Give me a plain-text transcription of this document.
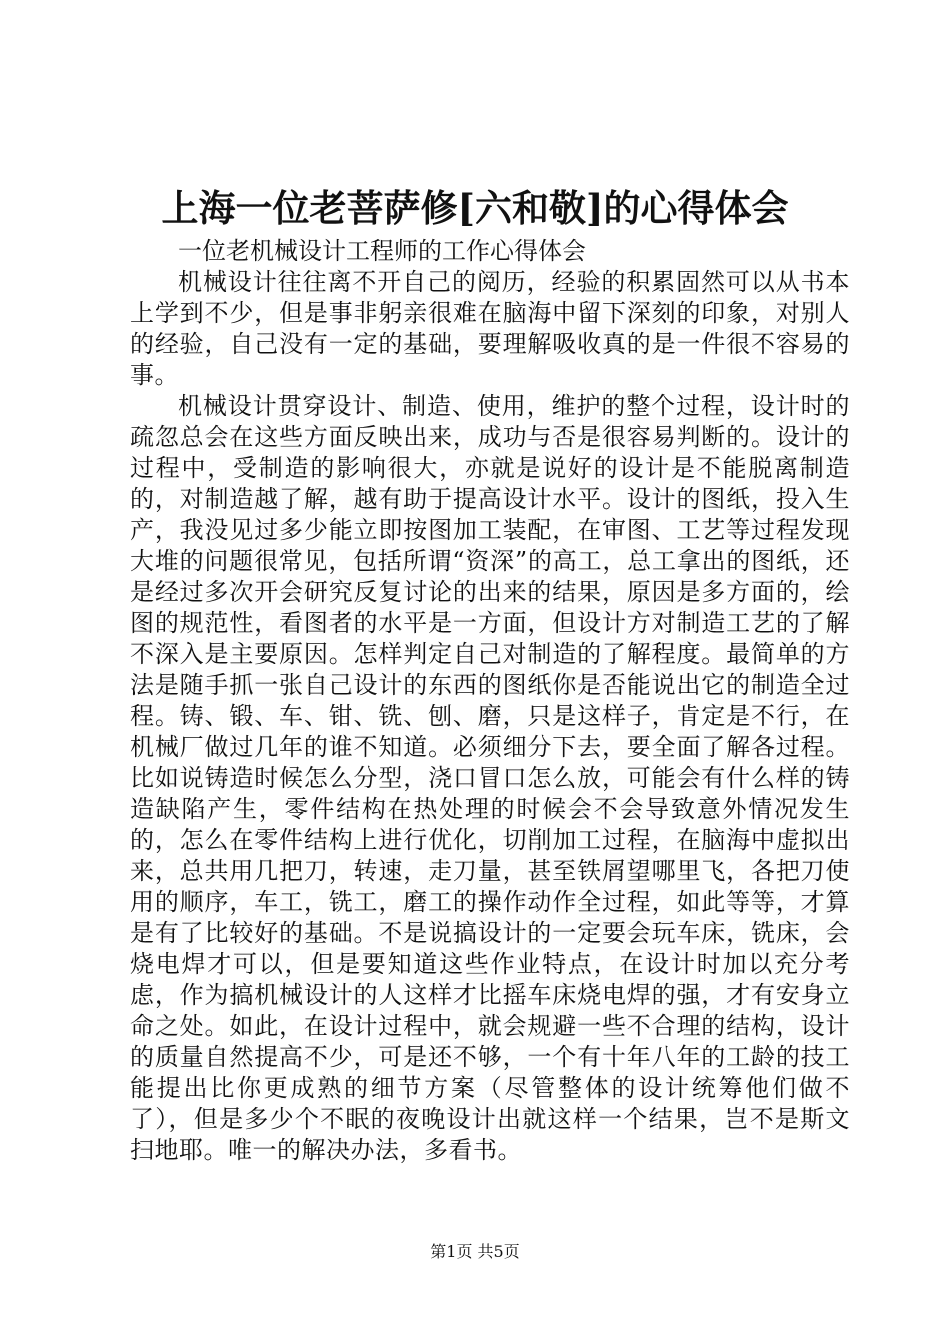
上海一位老菩萨修[六和敬]的心得体会

一位老机械设计工程师的工作心得体会

机械设计往往离不开自己的阅历，经验的积累固然可以从书本上学到不少，但是事非躬亲很难在脑海中留下深刻的印象，对别人的经验，自己没有一定的基础，要理解吸收真的是一件很不容易的事。

机械设计贯穿设计、制造、使用，维护的整个过程，设计时的疏忽总会在这些方面反映出来，成功与否是很容易判断的。设计的过程中，受制造的影响很大，亦就是说好的设计是不能脱离制造的，对制造越了解，越有助于提高设计水平。设计的图纸，投入生产，我没见过多少能立即按图加工装配，在审图、工艺等过程发现大堆的问题很常见，包括所谓“资深”的高工，总工拿出的图纸，还是经过多次开会研究反复讨论的出来的结果，原因是多方面的，绘图的规范性，看图者的水平是一方面，但设计方对制造工艺的了解不深入是主要原因。怎样判定自己对制造的了解程度。最简单的方法是随手抓一张自己设计的东西的图纸你是否能说出它的制造全过程。铸、锻、车、钳、铣、刨、磨，只是这样子，肯定是不行，在机械厂做过几年的谁不知道。必须细分下去，要全面了解各过程。比如说铸造时候怎么分型，浇口冒口怎么放，可能会有什么样的铸造缺陷产生，零件结构在热处理的时候会不会导致意外情况发生的，怎么在零件结构上进行优化，切削加工过程，在脑海中虚拟出来，总共用几把刀，转速，走刀量，甚至铁屑望哪里飞，各把刀使用的顺序，车工，铣工，磨工的操作动作全过程，如此等等，才算是有了比较好的基础。不是说搞设计的一定要会玩车床，铣床，会烧电焊才可以，但是要知道这些作业特点，在设计时加以充分考虑，作为搞机械设计的人这样才比摇车床烧电焊的强，才有安身立命之处。如此，在设计过程中，就会规避一些不合理的结构，设计的质量自然提高不少，可是还不够，一个有十年八年的工龄的技工能提出比你更成熟的细节方案（尽管整体的设计统筹他们做不了），但是多少个不眠的夜晚设计出就这样一个结果，岂不是斯文扫地耶。唯一的解决办法，多看书。

第1页 共5页
